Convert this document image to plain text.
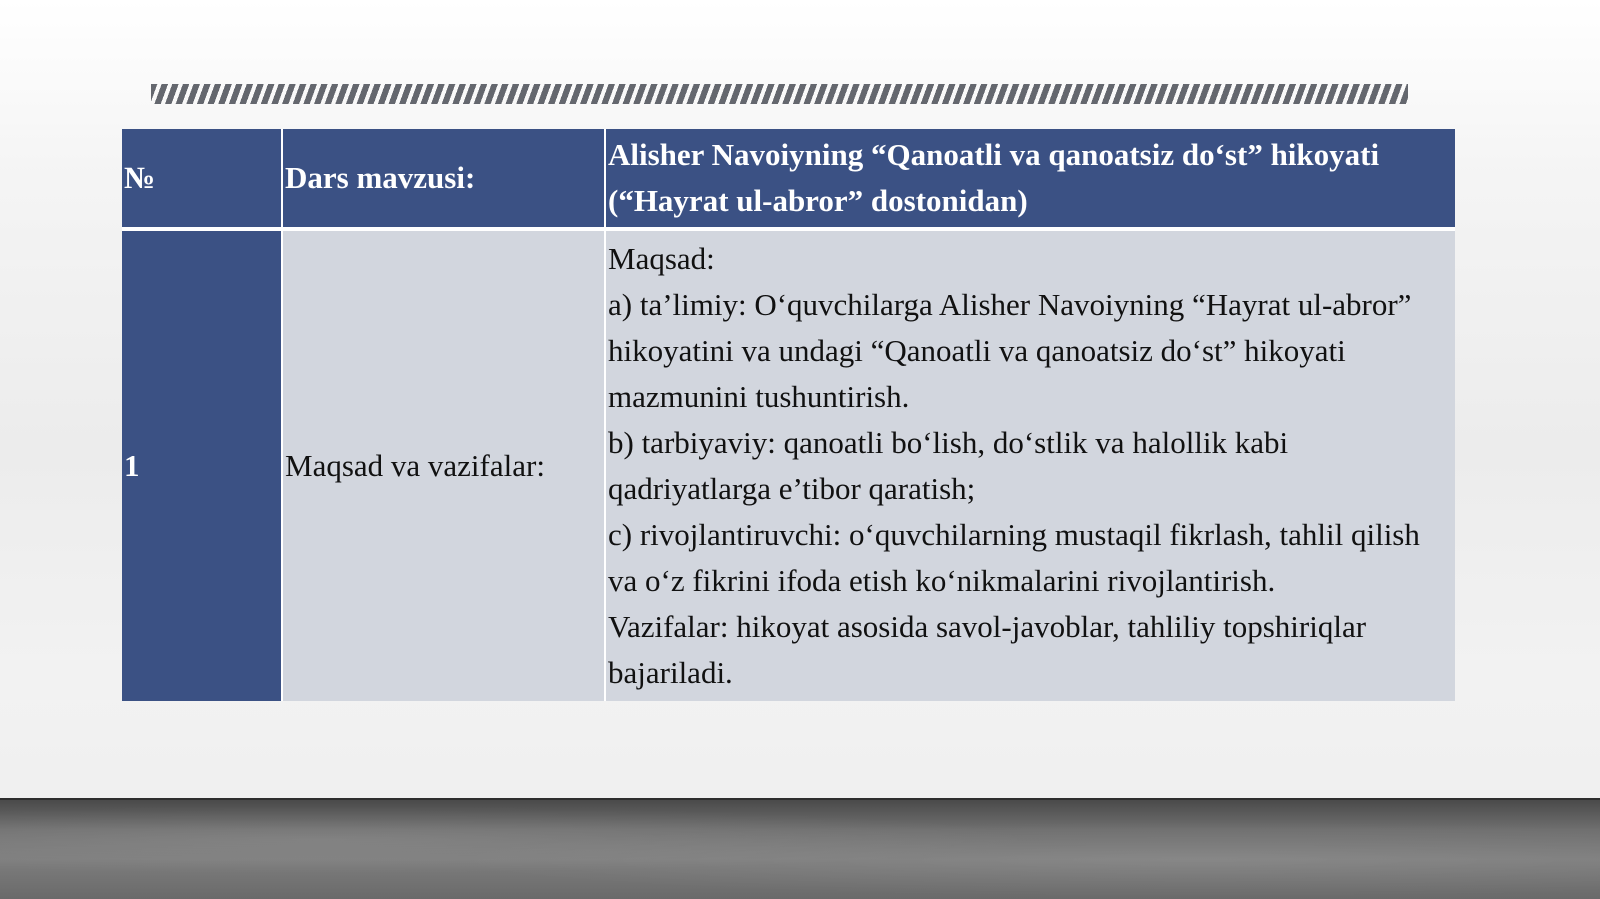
№	Dars mavzusi:	Alisher Navoiyning “Qanoatli va qanoatsiz do‘st” hikoyati
(“Hayrat ul-abror” dostonidan)

1	Maqsad va vazifalar:	Maqsad:
a) ta’limiy: O‘quvchilarga Alisher Navoiyning “Hayrat ul-abror” hikoyatini va undagi “Qanoatli va qanoatsiz do‘st” hikoyati mazmunini tushuntirish.
b) tarbiyaviy: qanoatli bo‘lish, do‘stlik va halollik kabi qadriyatlarga e’tibor qaratish;
c) rivojlantiruvchi: o‘quvchilarning mustaqil fikrlash, tahlil qilish va o‘z fikrini ifoda etish ko‘nikmalarini rivojlantirish.
Vazifalar: hikoyat asosida savol-javoblar, tahliliy topshiriqlar bajariladi.
